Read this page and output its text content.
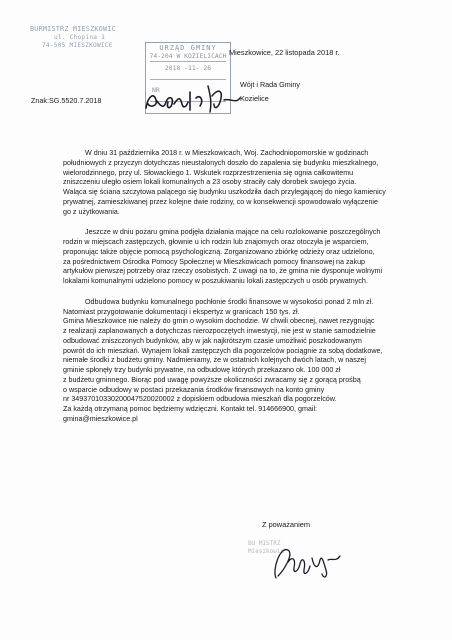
BURMISTRZ MIESZKOWIC
ul. Chopina 1
74-505 MIESZKOWICE	URZĄD GMINY
74-204 W KOZIELICACH
2018 -11- 26
NR
Mieszkowice, 22 listopada 2018 r.
Wójt i Rada Gminy
Kozielice
Znak:SG.5520.7.2018

W dniu 31 października 2018 r. w Mieszkowicach, Woj. Zachodniopomorskie w godzinach
południowych z przyczyn dotychczas nieustalonych doszło do zapalenia się budynku mieszkalnego,
wielorodzinnego, przy ul. Słowackiego 1. Wskutek rozprzestrzenienia się ognia całkowitemu
zniszczeniu uległo osiem lokali komunalnych a 23 osoby straciły cały dorobek swojego życia.
Waląca się ściana szczytowa palącego się budynku uszkodziła dach przylegającej do niego kamienicy
prywatnej, zamieszkiwanej przez kolejne dwie rodziny, co w konsekwencji spowodowało wyłączenie
go z użytkowania.

Jeszcze w dniu pożaru gmina podjęła działania mające na celu rozlokowanie poszczególnych
rodzin w miejscach zastępczych, głownie u ich rodzin lub znajomych oraz otoczyła je wsparciem,
proponując także objęcie pomocą psychologiczną. Zorganizowano zbiórkę odzieży oraz udzielono,
za pośrednictwem Ośrodka Pomocy Społecznej w Mieszkowicach pomocy finansowej na zakup
artykułów pierwszej potrzeby oraz rzeczy osobistych. Z uwagi na to, że gmina nie dysponuje wolnymi
lokalami komunalnymi udzielono pomocy w poszukiwaniu lokali zastępczych u osób prywatnych.

Odbudowa budynku komunalnego pochłonie środki finansowe w wysokości ponad 2 mln zł.
Natomiast przygotowanie dokumentacji i ekspertyz w granicach 150 tys. zł.
Gmina Mieszkowice nie należy do gmin o wysokim dochodzie. W chwili obecnej, nawet rezygnując
z realizacji zaplanowanych a dotychczas nierozpoczętych inwestycji, nie jest w stanie samodzielnie
odbudować zniszczonych budynków, aby w jak najkrótszym czasie umożliwić poszkodowanym
powrót do ich mieszkań. Wynajem lokali zastępczych dla pogorzelców pociągnie za sobą dodatkowe,
niemałe środki z budżetu gminy. Nadmieniamy, że w ostatnich kolejnych dwóch latach, w naszej
gminie spłonęły trzy budynki prywatne, na odbudowę których przekazano ok. 100 000 zł
z budżetu gminnego. Biorąc pod uwagę powyższe okoliczności zwracamy się z gorącą prośbą
o wsparcie odbudowy w postaci przekazania środków finansowych na konto gminy
nr 34937010330200047520020002 z dopiskiem odbudowa mieszkań dla pogorzelców.
Za każdą otrzymaną pomoc będziemy wdzięczni. Kontakt tel. 914666900, gmail:
gmina@mieszkowice.pl

Z poważaniem
BU MISTRZ
Mieszkowic
